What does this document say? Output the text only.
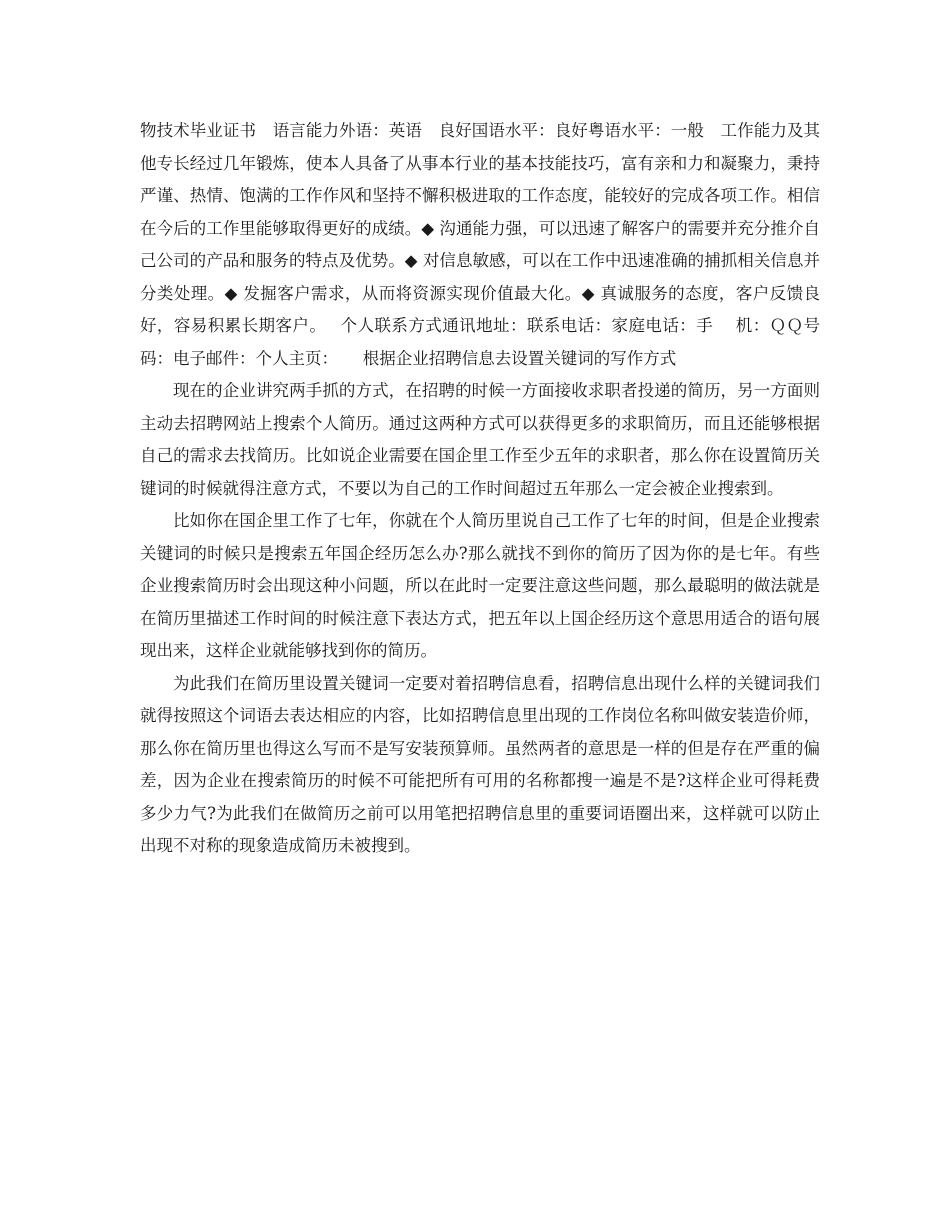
物技术毕业证书　语言能力外语：英语　良好国语水平：良好粤语水平：一般　工作能力及其他专长经过几年锻炼，使本人具备了从事本行业的基本技能技巧，富有亲和力和凝聚力，秉持严谨、热情、饱满的工作作风和坚持不懈积极进取的工作态度，能较好的完成各项工作。相信在今后的工作里能够取得更好的成绩。◆ 沟通能力强，可以迅速了解客户的需要并充分推介自己公司的产品和服务的特点及优势。◆ 对信息敏感，可以在工作中迅速准确的捕抓相关信息并分类处理。◆ 发掘客户需求，从而将资源实现价值最大化。◆ 真诚服务的态度，客户反馈良好，容易积累长期客户。　 个人联系方式通讯地址：联系电话：家庭电话：手　 机：ＱＱ号码：电子邮件：个人主页：　　根据企业招聘信息去设置关键词的写作方式

现在的企业讲究两手抓的方式，在招聘的时候一方面接收求职者投递的简历，另一方面则主动去招聘网站上搜索个人简历。通过这两种方式可以获得更多的求职简历，而且还能够根据自己的需求去找简历。比如说企业需要在国企里工作至少五年的求职者，那么你在设置简历关键词的时候就得注意方式，不要以为自己的工作时间超过五年那么一定会被企业搜索到。

比如你在国企里工作了七年，你就在个人简历里说自己工作了七年的时间，但是企业搜索关键词的时候只是搜索五年国企经历怎么办?那么就找不到你的简历了因为你的是七年。有些企业搜索简历时会出现这种小问题，所以在此时一定要注意这些问题，那么最聪明的做法就是在简历里描述工作时间的时候注意下表达方式，把五年以上国企经历这个意思用适合的语句展现出来，这样企业就能够找到你的简历。

为此我们在简历里设置关键词一定要对着招聘信息看，招聘信息出现什么样的关键词我们就得按照这个词语去表达相应的内容，比如招聘信息里出现的工作岗位名称叫做安装造价师，那么你在简历里也得这么写而不是写安装预算师。虽然两者的意思是一样的但是存在严重的偏差，因为企业在搜索简历的时候不可能把所有可用的名称都搜一遍是不是?这样企业可得耗费多少力气?为此我们在做简历之前可以用笔把招聘信息里的重要词语圈出来，这样就可以防止出现不对称的现象造成简历未被搜到。
